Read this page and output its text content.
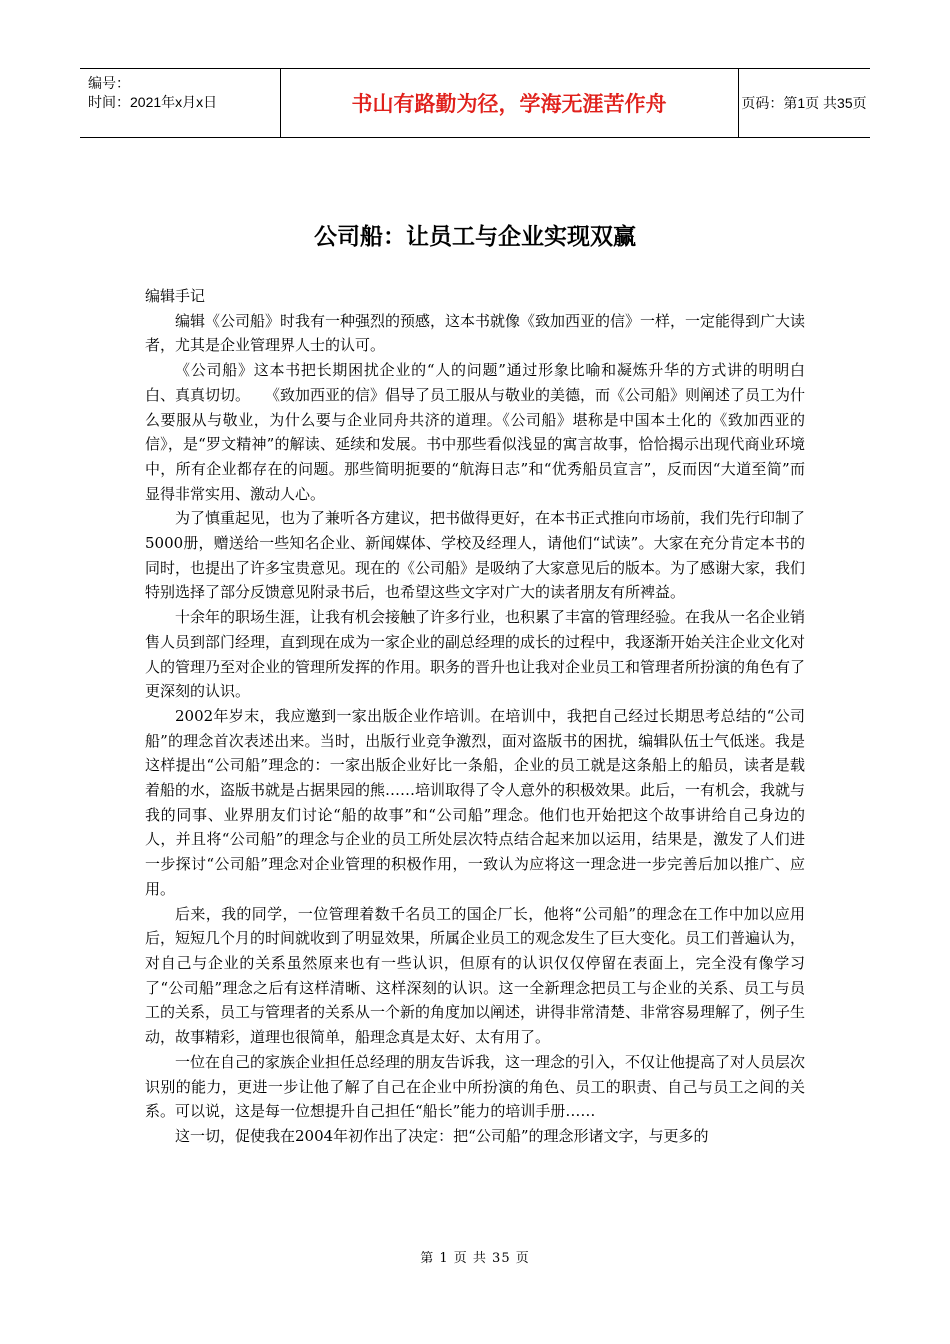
编号：
时间：2021年x月x日	书山有路勤为径，学海无涯苦作舟	页码：第1页 共35页
公司船：让员工与企业实现双赢

编辑手记

编辑《公司船》时我有一种强烈的预感，这本书就像《致加西亚的信》一样，一定能得到广大读者，尤其是企业管理界人士的认可。

《公司船》这本书把长期困扰企业的“人的问题”通过形象比喻和凝炼升华的方式讲的明明白白、真真切切。　　《致加西亚的信》倡导了员工服从与敬业的美德，而《公司船》则阐述了员工为什么要服从与敬业，为什么要与企业同舟共济的道理。《公司船》堪称是中国本土化的《致加西亚的信》，是“罗文精神”的解读、延续和发展。书中那些看似浅显的寓言故事，恰恰揭示出现代商业环境中，所有企业都存在的问题。那些简明扼要的“航海日志”和“优秀船员宣言”，反而因“大道至简”而显得非常实用、激动人心。

为了慎重起见，也为了兼听各方建议，把书做得更好，在本书正式推向市场前，我们先行印制了5000册，赠送给一些知名企业、新闻媒体、学校及经理人，请他们“试读”。大家在充分肯定本书的同时，也提出了许多宝贵意见。现在的《公司船》是吸纳了大家意见后的版本。为了感谢大家，我们特别选择了部分反馈意见附录书后，也希望这些文字对广大的读者朋友有所裨益。

十余年的职场生涯，让我有机会接触了许多行业，也积累了丰富的管理经验。在我从一名企业销售人员到部门经理，直到现在成为一家企业的副总经理的成长的过程中，我逐渐开始关注企业文化对人的管理乃至对企业的管理所发挥的作用。职务的晋升也让我对企业员工和管理者所扮演的角色有了更深刻的认识。

2002年岁末，我应邀到一家出版企业作培训。在培训中，我把自己经过长期思考总结的“公司船”的理念首次表述出来。当时，出版行业竞争激烈，面对盗版书的困扰，编辑队伍士气低迷。我是这样提出“公司船”理念的：一家出版企业好比一条船，企业的员工就是这条船上的船员，读者是载着船的水，盗版书就是占据果园的熊……培训取得了令人意外的积极效果。此后，一有机会，我就与我的同事、业界朋友们讨论“船的故事”和“公司船”理念。他们也开始把这个故事讲给自己身边的人，并且将“公司船”的理念与企业的员工所处层次特点结合起来加以运用，结果是，激发了人们进一步探讨“公司船”理念对企业管理的积极作用，一致认为应将这一理念进一步完善后加以推广、应用。

后来，我的同学，一位管理着数千名员工的国企厂长，他将“公司船”的理念在工作中加以应用后，短短几个月的时间就收到了明显效果，所属企业员工的观念发生了巨大变化。员工们普遍认为，对自己与企业的关系虽然原来也有一些认识，但原有的认识仅仅停留在表面上，完全没有像学习了“公司船”理念之后有这样清晰、这样深刻的认识。这一全新理念把员工与企业的关系、员工与员工的关系，员工与管理者的关系从一个新的角度加以阐述，讲得非常清楚、非常容易理解了，例子生动，故事精彩，道理也很简单，船理念真是太好、太有用了。

一位在自己的家族企业担任总经理的朋友告诉我，这一理念的引入，不仅让他提高了对人员层次识别的能力，更进一步让他了解了自己在企业中所扮演的角色、员工的职责、自己与员工之间的关系。可以说，这是每一位想提升自己担任“船长”能力的培训手册……

这一切，促使我在2004年初作出了决定：把“公司船”的理念形诸文字，与更多的

第 1 页 共 35 页
